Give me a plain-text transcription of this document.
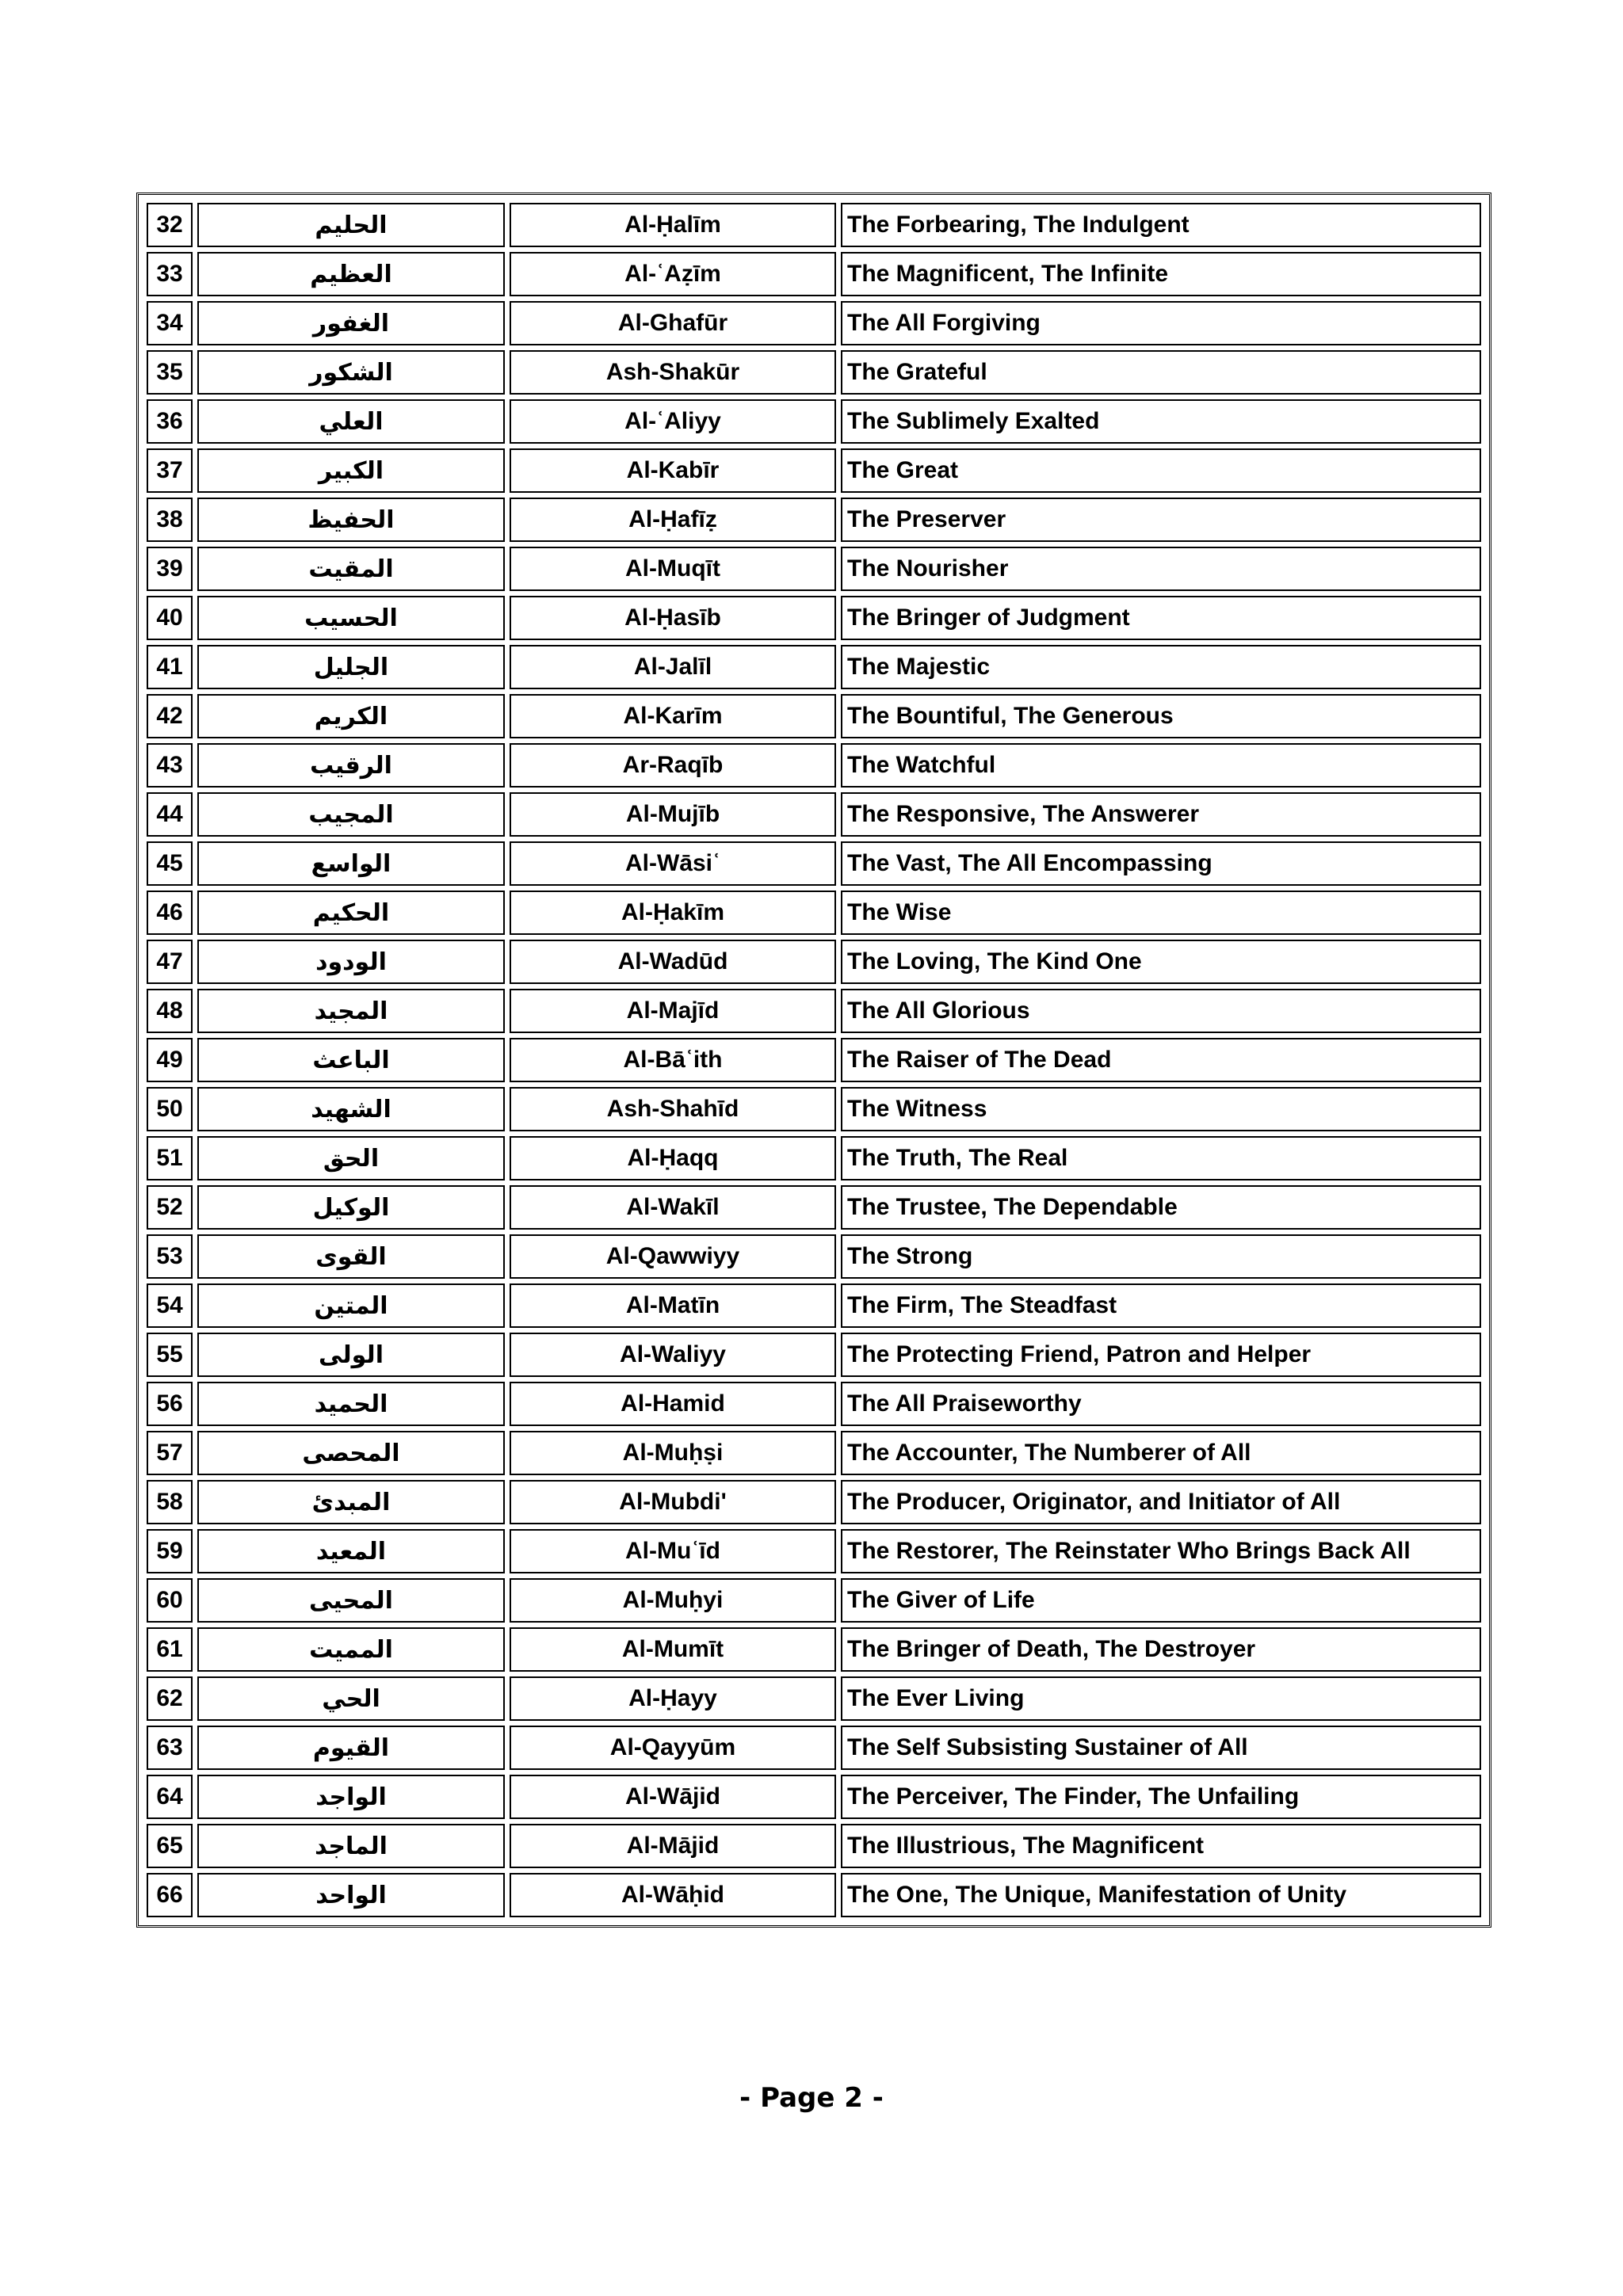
32	الحليم	Al-Ḥalīm	The Forbearing, The Indulgent
33	العظيم	Al-ʿAẓīm	The Magnificent, The Infinite
34	الغفور	Al-Ghafūr	The All Forgiving
35	الشكور	Ash-Shakūr	The Grateful
36	العلي	Al-ʿAliyy	The Sublimely Exalted
37	الكبير	Al-Kabīr	The Great
38	الحفيظ	Al-Ḥafīẓ	The Preserver
39	المقيت	Al-Muqīt	The Nourisher
40	الحسيب	Al-Ḥasīb	The Bringer of Judgment
41	الجليل	Al-Jalīl	The Majestic
42	الكريم	Al-Karīm	The Bountiful, The Generous
43	الرقيب	Ar-Raqīb	The Watchful
44	المجيب	Al-Mujīb	The Responsive, The Answerer
45	الواسع	Al-Wāsiʿ	The Vast, The All Encompassing
46	الحكيم	Al-Ḥakīm	The Wise
47	الودود	Al-Wadūd	The Loving, The Kind One
48	المجيد	Al-Majīd	The All Glorious
49	الباعث	Al-Bāʿith	The Raiser of The Dead
50	الشهيد	Ash-Shahīd	The Witness
51	الحق	Al-Ḥaqq	The Truth, The Real
52	الوكيل	Al-Wakīl	The Trustee, The Dependable
53	القوى	Al-Qawwiyy	The Strong
54	المتين	Al-Matīn	The Firm, The Steadfast
55	الولى	Al-Waliyy	The Protecting Friend, Patron and Helper
56	الحميد	Al-Hamid	The All Praiseworthy
57	المحصى	Al-Muḥṣi	The Accounter, The Numberer of All
58	المبدئ	Al-Mubdi'	The Producer, Originator, and Initiator of All
59	المعيد	Al-Muʿīd	The Restorer, The Reinstater Who Brings Back All
60	المحيى	Al-Muḥyi	The Giver of Life
61	المميت	Al-Mumīt	The Bringer of Death, The Destroyer
62	الحي	Al-Ḥayy	The Ever Living
63	القيوم	Al-Qayyūm	The Self Subsisting Sustainer of All
64	الواجد	Al-Wājid	The Perceiver, The Finder, The Unfailing
65	الماجد	Al-Mājid	The Illustrious, The Magnificent
66	الواحد	Al-Wāḥid	The One, The Unique, Manifestation of Unity
- Page 2 -
